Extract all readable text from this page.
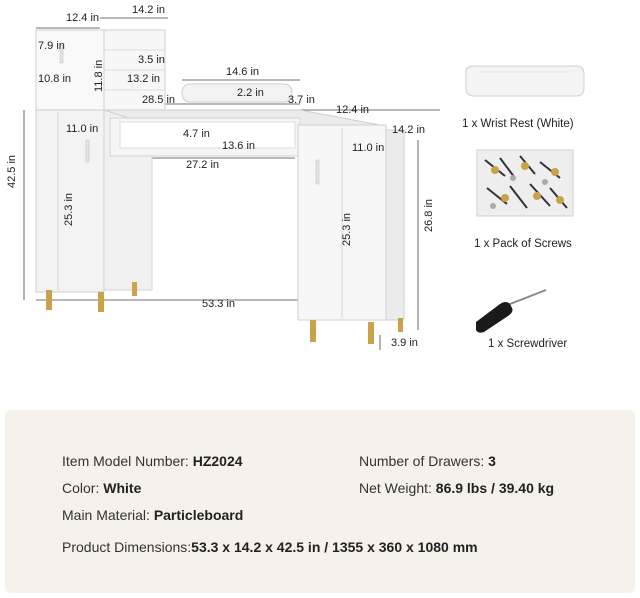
14.2 in
12.4 in
7.9 in
10.8 in 11.8 in	3.5 in
13.2 in
14.6 in
2.2 in
28.5 in	3.7 in
12.4 in
14.2 in
11.0 in
11.0 in
4.7 in
13.6 in
27.2 in
42.5 in
25.3 in
25.3 in	26.8 in
53.3 in
3.9 in
1 x Wrist Rest (White)
1 x Pack of Screws
1 x Screwdriver
Item Model Number: HZ2024	Number of Drawers: 3
Color: White	Net Weight: 86.9 lbs / 39.40 kg
Main Material: Particleboard
Product Dimensions:53.3 x 14.2 x 42.5 in / 1355 x 360 x 1080 mm
